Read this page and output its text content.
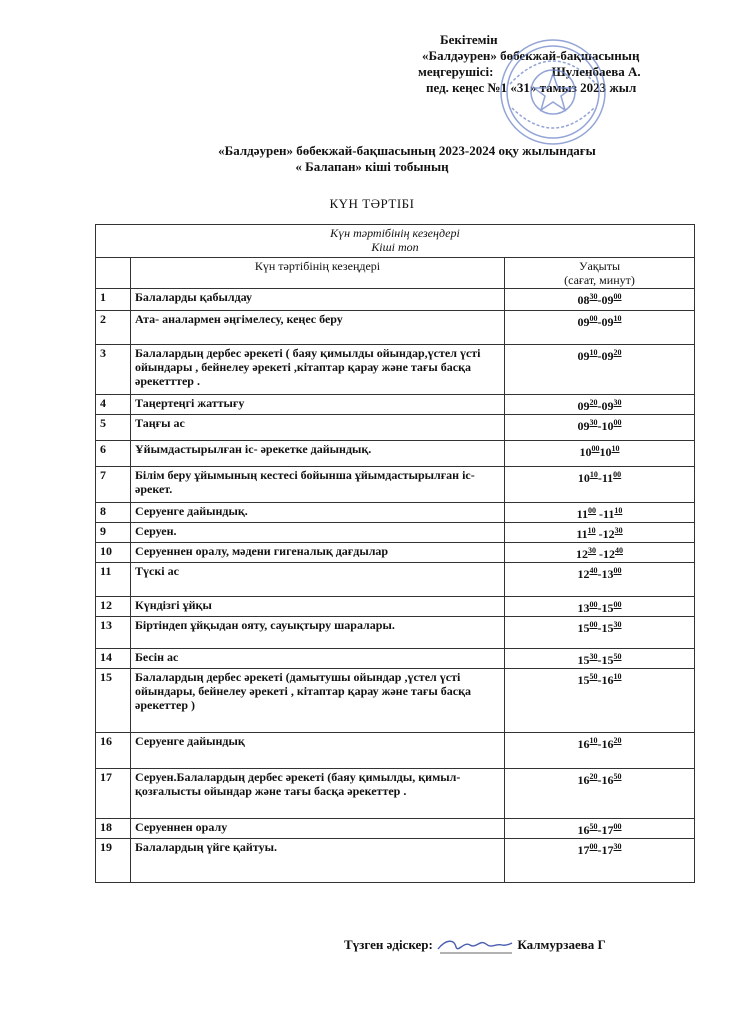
Бекітемін
«Балдәурен» бөбекжай-бақшасының
меңгерушісі:	Шуленбаева А.
пед. кеңес №1 «31» тамыз 2023 жыл
«Балдәурен» бөбекжай-бақшасының 2023-2024 оқу жылындағы
« Балапан» кіші тобының
КҮН ТӘРТІБІ
Күн тәртібінің кезеңдері
Кіші топ		

	Күн тәртібінің кезеңдері	Уақыты
(сағат, минут)

1	Балаларды қабылдау	$08^{30}-09^{00}$
2	Ата- аналармен әңгімелесу, кеңес беру	$09^{00}-09^{10}$
3	Балалардың дербес әрекеті ( баяу қимылды ойындар,үстел үсті ойындары , бейнелеу әрекеті ,кітаптар қарау және тағы басқа әрекетттер .	$09^{10}-09^{20}$
4	Таңертеңгі жаттығу	$09^{20}-09^{30}$
5	Таңғы ас	$09^{30}-10^{00}$
6	Ұйымдастырылған іс- әрекетке дайындық.	$10^{00}10^{10}$
7	Білім беру ұйымының кестесі бойынша ұйымдастырылған іс-әрекет.	$10^{10}-11^{00}$
8	Серуенге дайындық.	$11^{00}$ $-11^{10}$
9	Серуен.	$11^{10}$ $-12^{30}$
10	Серуеннен оралу, мәдени гигеналық дағдылар	$12^{30}$ $-12^{40}$
11	Түскі ас	$12^{40}-13^{00}$
12	Күндізгі ұйқы	$13^{00}-15^{00}$
13	Біртіндеп ұйқыдан ояту, сауықтыру шаралары.	$15^{00}-15^{30}$
14	Бесін ас	$15^{30}-15^{50}$
15	Балалардың дербес әрекеті (дамытушы ойындар ,үстел үсті ойындары, бейнелеу әрекеті , кітаптар қарау және тағы басқа әрекеттер )	$15^{50}-16^{10}$
16	Серуенге дайындық	$16^{10}-16^{20}$
17	Серуен.Балалардың дербес әрекеті (баяу қимылды, қимыл-қозғалысты ойындар және тағы басқа әрекеттер .	$16^{20}-16^{50}$
18	Серуеннен оралу	$16^{50}-17^{00}$
19	Балалардың үйге қайтуы.	$17^{00}-17^{30}$
Түзген әдіскер:	Калмурзаева Г
